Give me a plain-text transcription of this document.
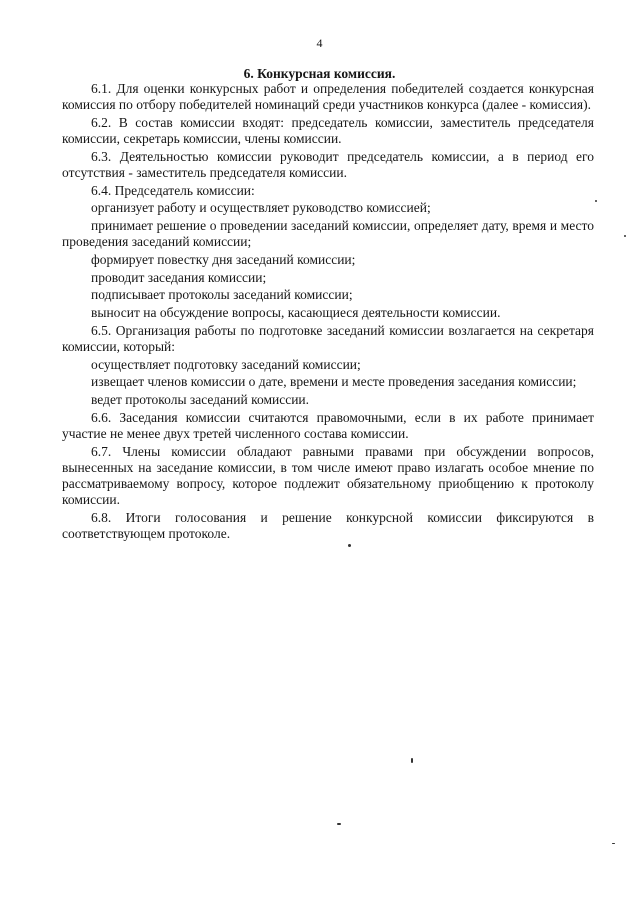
4
6. Конкурсная комиссия.

6.1. Для оценки конкурсных работ и определения победителей создается конкурсная комиссия по отбору победителей номинаций среди участников конкурса (далее - комиссия).

6.2. В состав комиссии входят: председатель комиссии, заместитель председателя комиссии, секретарь комиссии, члены комиссии.

6.3. Деятельностью комиссии руководит председатель комиссии, а в период его отсутствия - заместитель председателя комиссии.

6.4. Председатель комиссии:

организует работу и осуществляет руководство комиссией;

принимает решение о проведении заседаний комиссии, определяет дату, время и место проведения заседаний комиссии;

формирует повестку дня заседаний комиссии;

проводит заседания комиссии;

подписывает протоколы заседаний комиссии;

выносит на обсуждение вопросы, касающиеся деятельности комиссии.

6.5. Организация работы по подготовке заседаний комиссии возлагается на секретаря комиссии, который:

осуществляет подготовку заседаний комиссии;

извещает членов комиссии о дате, времени и месте проведения заседания комиссии;

ведет протоколы заседаний комиссии.

6.6. Заседания комиссии считаются правомочными, если в их работе принимает участие не менее двух третей численного состава комиссии.

6.7. Члены комиссии обладают равными правами при обсуждении вопросов, вынесенных на заседание комиссии, в том числе имеют право излагать особое мнение по рассматриваемому вопросу, которое подлежит обязательному приобщению к протоколу комиссии.

6.8. Итоги голосования и решение конкурсной комиссии фиксируются в соответствующем протоколе.
